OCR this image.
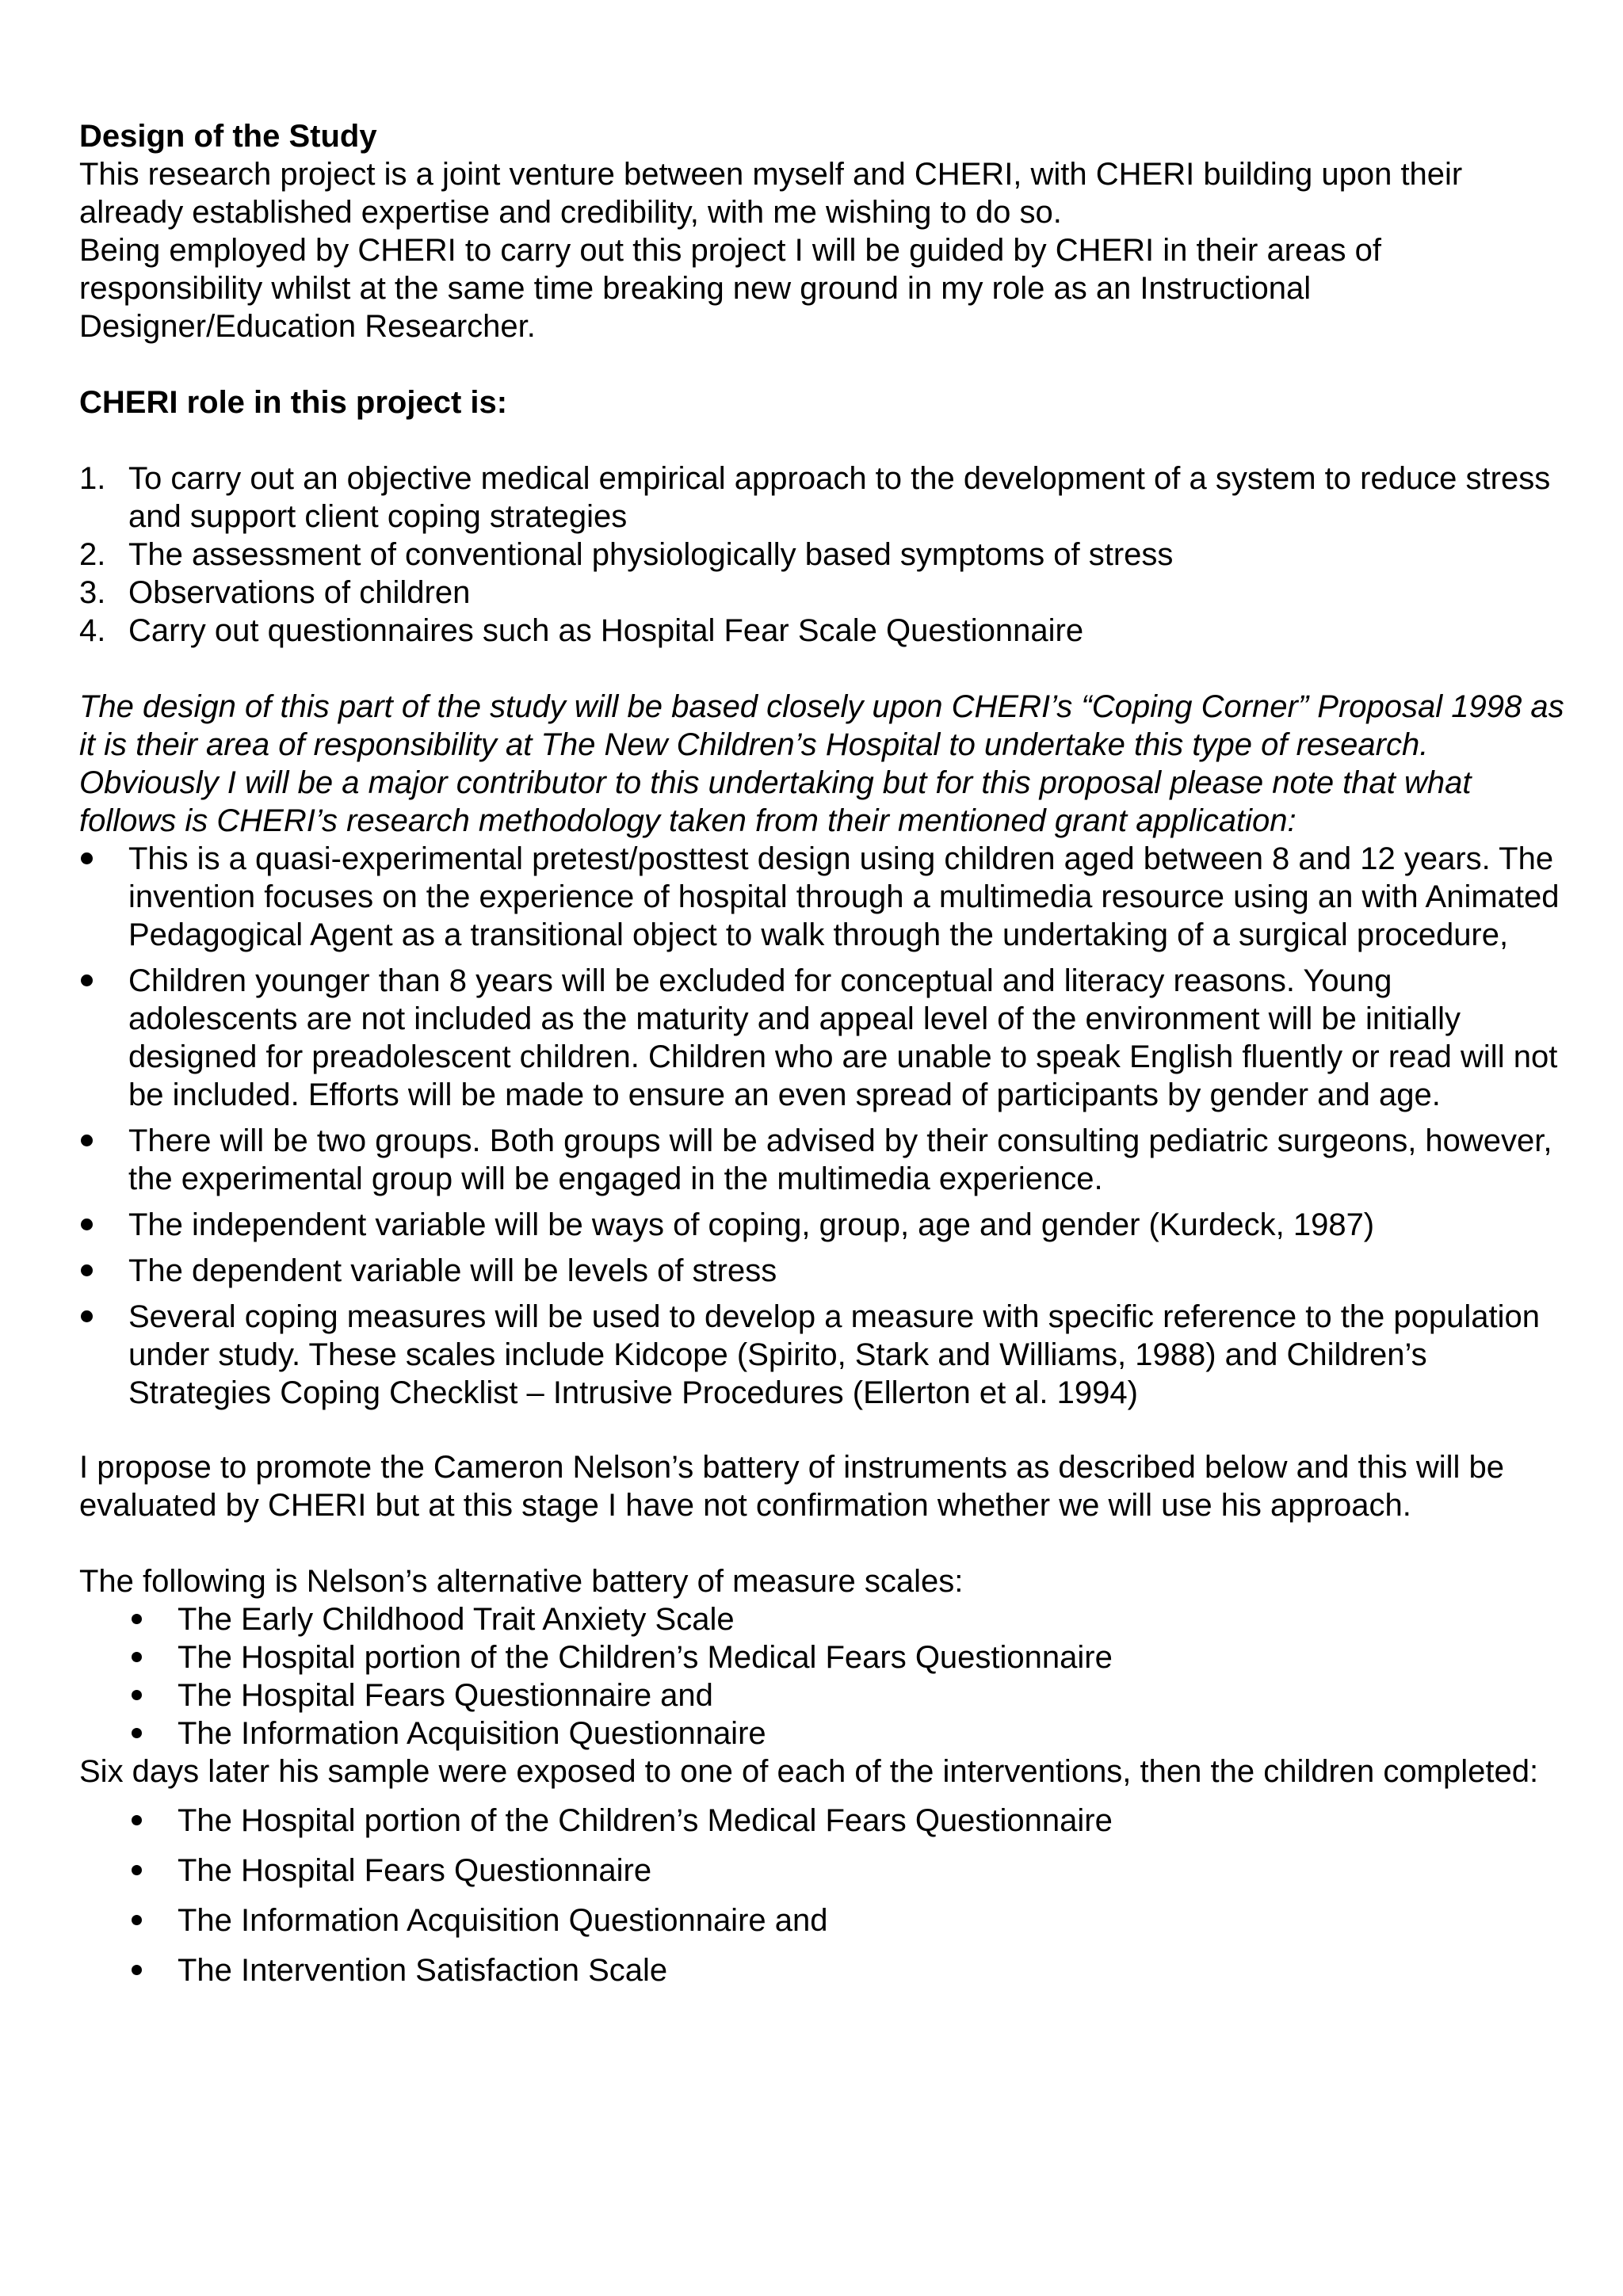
Design of the Study

This research project is a joint venture between myself and CHERI, with CHERI building upon their already established expertise and credibility, with me wishing to do so.

Being employed by CHERI to carry out this project I will be guided by CHERI in their areas of responsibility whilst at the same time breaking new ground in my role as an Instructional Designer/Education Researcher.

CHERI role in this project is:

1. To carry out an objective medical empirical approach to the development of a system to reduce stress and support client coping strategies
2. The assessment of conventional physiologically based symptoms of stress
3. Observations of children
4. Carry out questionnaires such as Hospital Fear Scale Questionnaire

The design of this part of the study will be based closely upon CHERI’s “Coping Corner” Proposal 1998 as it is their area of responsibility at The New Children’s Hospital to undertake this type of research. Obviously I will be a major contributor to this undertaking but for this proposal please note that what follows is CHERI’s research methodology taken from their mentioned grant application:

This is a quasi-experimental pretest/posttest design using children aged between 8 and 12 years. The invention focuses on the experience of hospital through a multimedia resource using an with Animated Pedagogical Agent as a transitional object to walk through the undertaking of a surgical procedure,
Children younger than 8 years will be excluded for conceptual and literacy reasons. Young adolescents are not included as the maturity and appeal level of the environment will be initially designed for preadolescent children. Children who are unable to speak English fluently or read will not be included. Efforts will be made to ensure an even spread of participants by gender and age.
There will be two groups. Both groups will be advised by their consulting pediatric surgeons, however, the experimental group will be engaged in the multimedia experience.
The independent variable will be ways of coping, group, age and gender (Kurdeck, 1987)
The dependent variable will be levels of stress
Several coping measures will be used to develop a measure with specific reference to the population under study. These scales include Kidcope (Spirito, Stark and Williams, 1988) and Children’s Strategies Coping Checklist – Intrusive Procedures (Ellerton et al. 1994)

I propose to promote the Cameron Nelson’s battery of instruments as described below and this will be evaluated by CHERI but at this stage I have not confirmation whether we will use his approach.

The following is Nelson’s alternative battery of measure scales:

The Early Childhood Trait Anxiety Scale
The Hospital portion of the Children’s Medical Fears Questionnaire
The Hospital Fears Questionnaire and
The Information Acquisition Questionnaire

Six days later his sample were exposed to one of each of the interventions, then the children completed:

The Hospital portion of the Children’s Medical Fears Questionnaire
The Hospital Fears Questionnaire
The Information Acquisition Questionnaire and
The Intervention Satisfaction Scale
